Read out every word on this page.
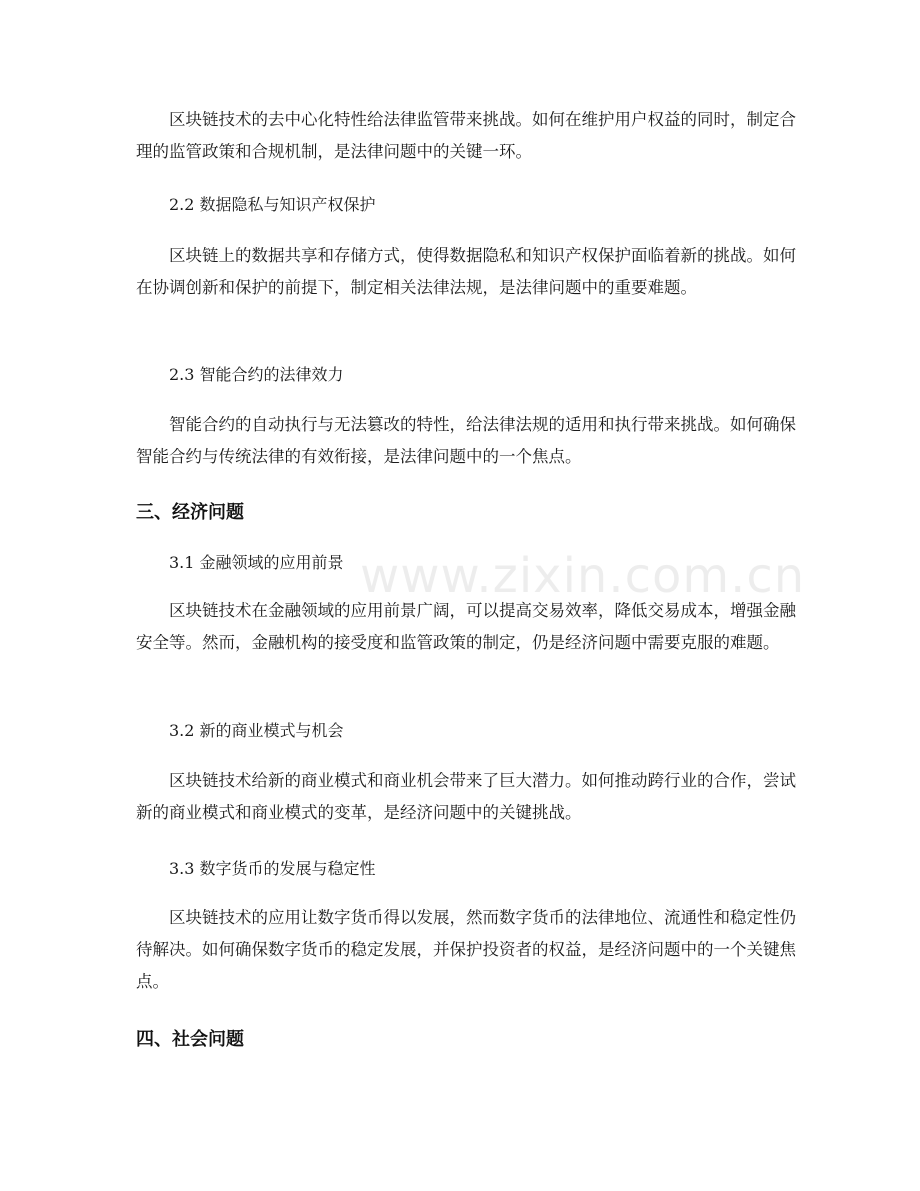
区块链技术的去中心化特性给法律监管带来挑战。如何在维护用户权益的同时，制定合理的监管政策和合规机制，是法律问题中的关键一环。

2.2 数据隐私与知识产权保护

区块链上的数据共享和存储方式，使得数据隐私和知识产权保护面临着新的挑战。如何在协调创新和保护的前提下，制定相关法律法规，是法律问题中的重要难题。

2.3 智能合约的法律效力

智能合约的自动执行与无法篡改的特性，给法律法规的适用和执行带来挑战。如何确保智能合约与传统法律的有效衔接，是法律问题中的一个焦点。

三、经济问题

3.1 金融领域的应用前景

区块链技术在金融领域的应用前景广阔，可以提高交易效率，降低交易成本，增强金融安全等。然而，金融机构的接受度和监管政策的制定，仍是经济问题中需要克服的难题。

3.2 新的商业模式与机会

区块链技术给新的商业模式和商业机会带来了巨大潜力。如何推动跨行业的合作，尝试新的商业模式和商业模式的变革，是经济问题中的关键挑战。

3.3 数字货币的发展与稳定性

区块链技术的应用让数字货币得以发展，然而数字货币的法律地位、流通性和稳定性仍待解决。如何确保数字货币的稳定发展，并保护投资者的权益，是经济问题中的一个关键焦点。

四、社会问题
www.zixin.com.cn
